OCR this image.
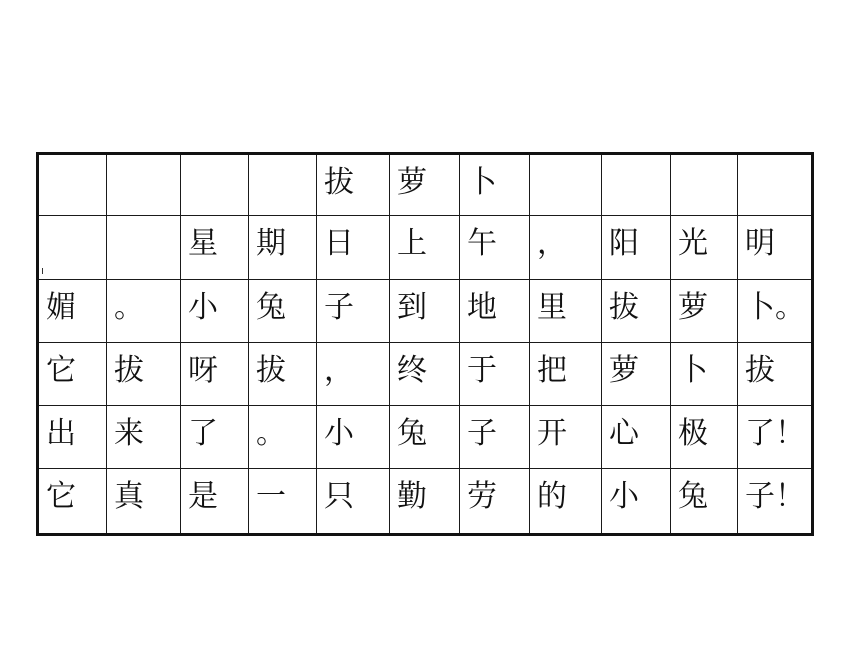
				拔	萝	卜				

		星	期	日	上	午	，	阳	光	明

媚	。	小	兔	子	到	地	里	拔	萝	卜。

它	拔	呀	拔	，	终	于	把	萝	卜	拔

出	来	了	。	小	兔	子	开	心	极	了！

它	真	是	一	只	勤	劳	的	小	兔	子！
